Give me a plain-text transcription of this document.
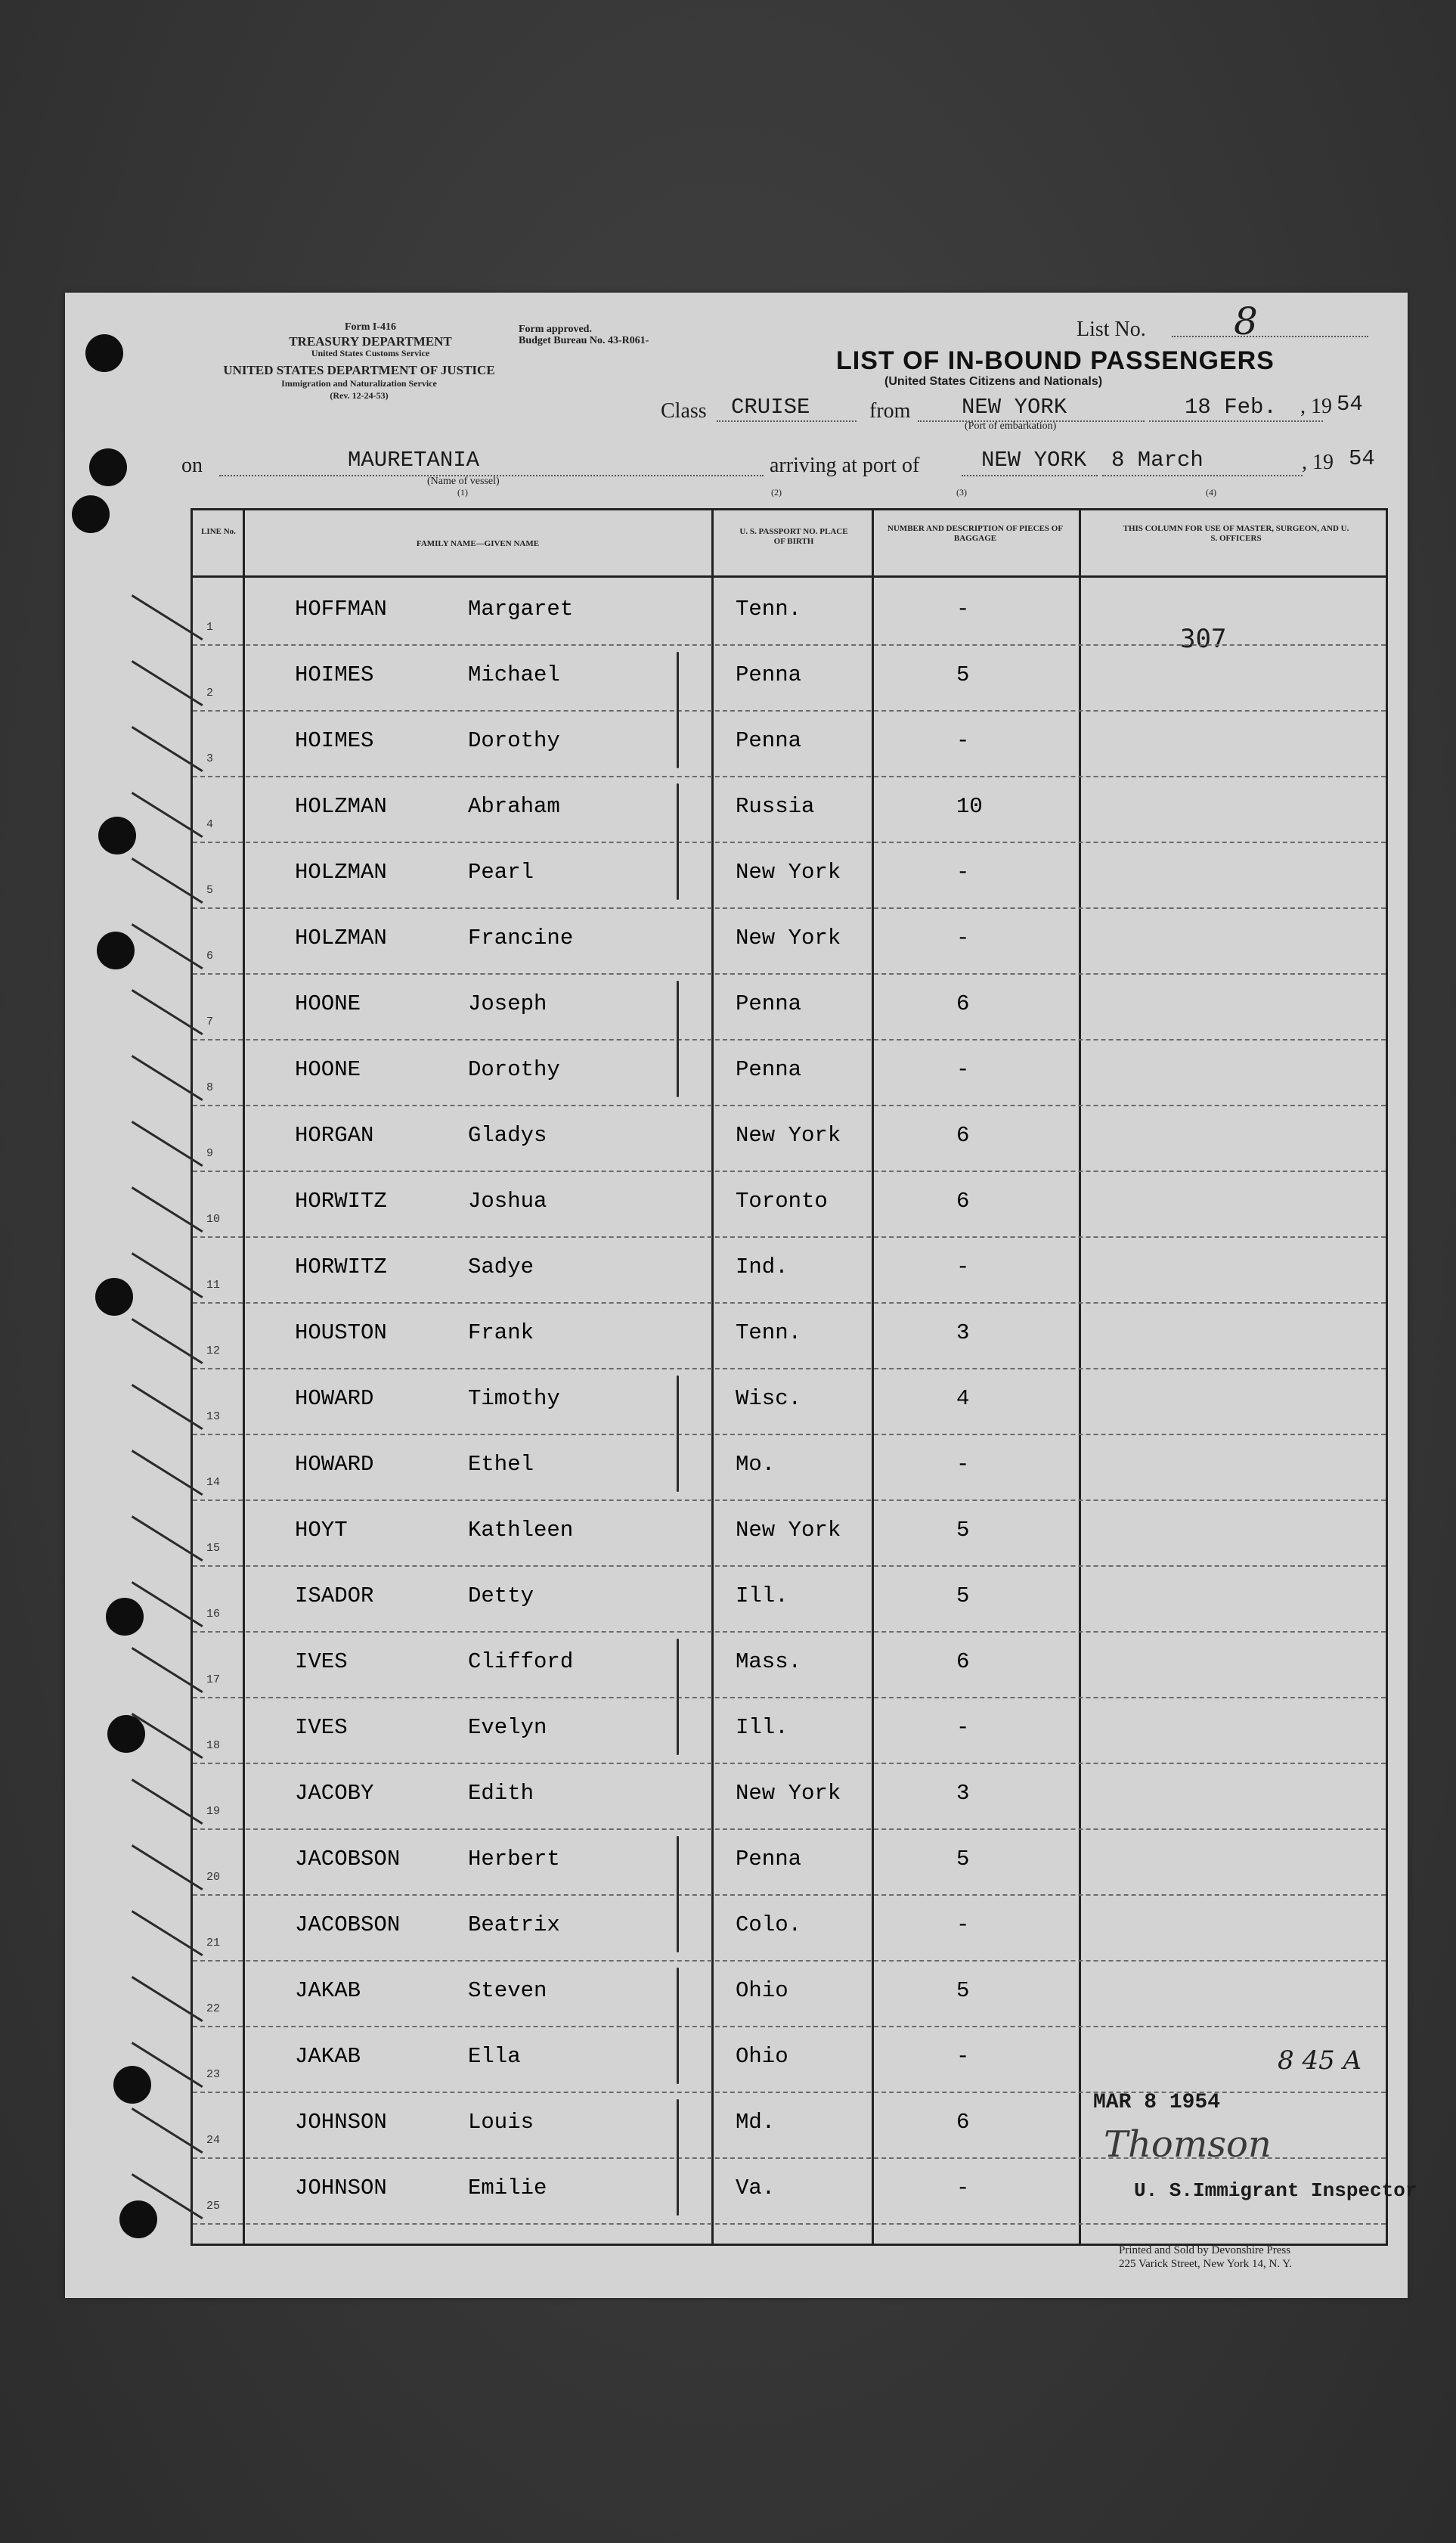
Form I-416
TREASURY DEPARTMENT
United States Customs Service
UNITED STATES DEPARTMENT OF JUSTICE
Immigration and Naturalization Service
(Rev. 12-24-53)
Form approved.
Budget Bureau No. 43-R061-	List No. 8
LIST OF IN-BOUND PASSENGERS
(United States Citizens and Nationals)
Class CRUISE	from NEW YORK
(Port of embarkation)
18 Feb. , 19 54
on	MAURETANIA
(Name of vessel)
(1)
arriving at port of	NEW YORK 8 March	, 19 54
(2)	(3)	(4)
LINE No.
FAMILY NAME—GIVEN NAME
U. S. PASSPORT NO. PLACE OF BIRTH
NUMBER AND DESCRIPTION OF PIECES OF BAGGAGE
THIS COLUMN FOR USE OF MASTER, SURGEON, AND U. S. OFFICERS
307
1
HOFFMAN	Margaret	Tenn.	-
2
HOIMES	Michael	Penna	5
3
HOIMES	Dorothy	Penna	-
4
HOLZMAN	Abraham	Russia	10
5
HOLZMAN	Pearl	New York	-
6
HOLZMAN	Francine	New York	-
7
HOONE	Joseph	Penna	6
8
HOONE	Dorothy	Penna	-
9
HORGAN	Gladys	New York	6
10
HORWITZ	Joshua	Toronto	6
11
HORWITZ	Sadye	Ind.	-
12
HOUSTON	Frank	Tenn.	3
13
HOWARD	Timothy	Wisc.	4
14
HOWARD	Ethel	Mo.	-
15
HOYT	Kathleen	New York	5
16
ISADOR	Detty	Ill.	5
17
IVES	Clifford	Mass.	6
18
IVES	Evelyn	Ill.	-
19
JACOBY	Edith	New York	3
20
JACOBSON	Herbert	Penna	5
21
JACOBSON	Beatrix	Colo.	-
22
JAKAB	Steven	Ohio	5
23
JAKAB	Ella	Ohio	-
24
JOHNSON	Louis	Md.	6
25
JOHNSON	Emilie	Va.	-
MAR 8 1954
8 45 A
Thomson
U. S.Immigrant Inspector
Printed and Sold by Devonshire Press
225 Varick Street, New York 14, N. Y.
